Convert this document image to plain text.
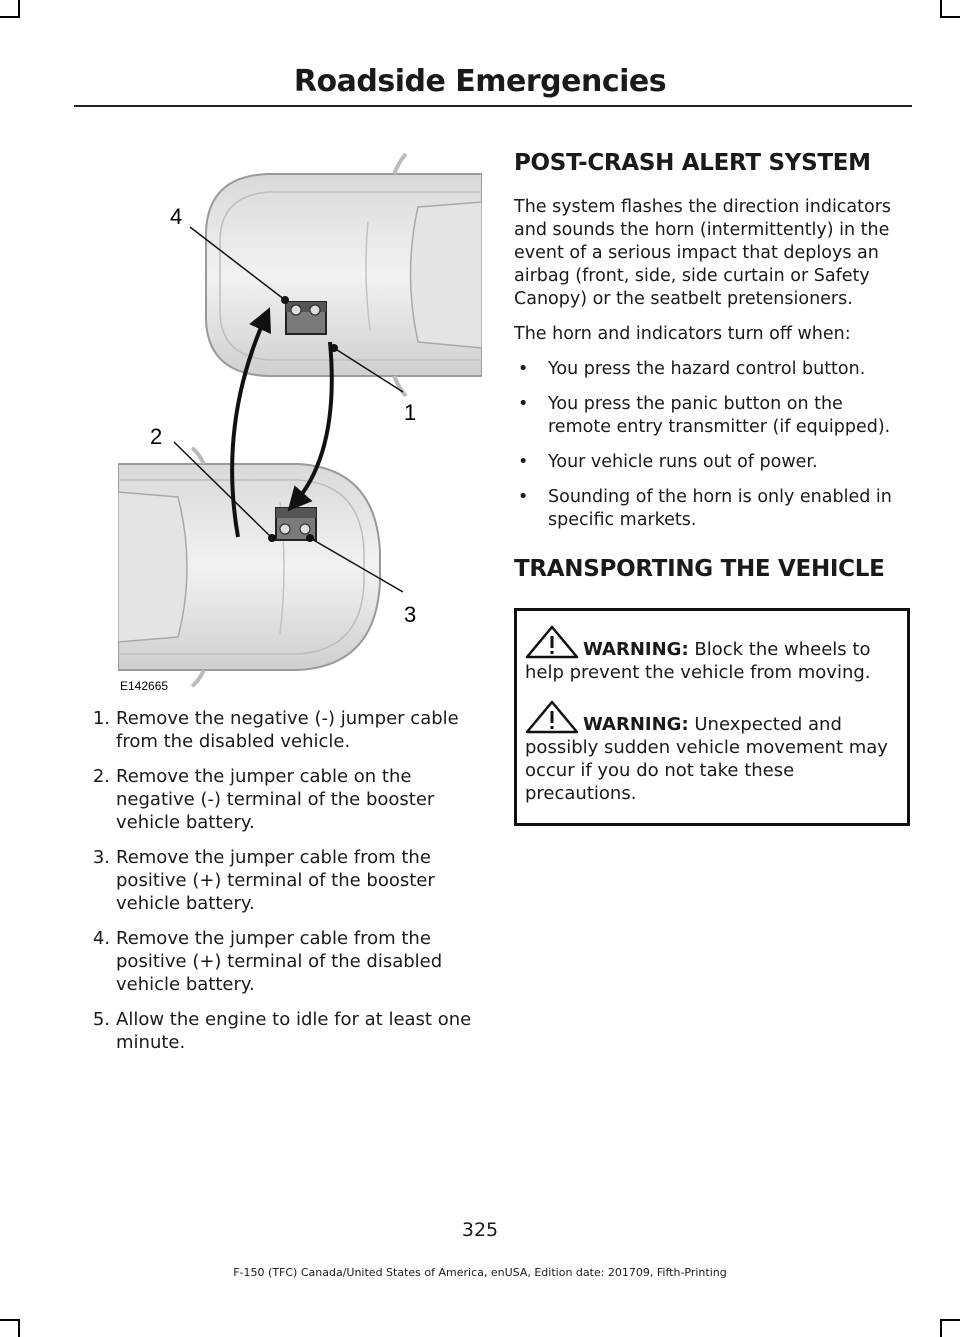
Roadside Emergencies
4
1
2
3
E142665
1. Remove the negative (-) jumper cable from the disabled vehicle.
2. Remove the jumper cable on the negative (-) terminal of the booster vehicle battery.
3. Remove the jumper cable from the positive (+) terminal of the booster vehicle battery.
4. Remove the jumper cable from the positive (+) terminal of the disabled vehicle battery.
5. Allow the engine to idle for at least one minute.
POST-CRASH ALERT SYSTEM

The system flashes the direction indicators and sounds the horn (intermittently) in the event of a serious impact that deploys an airbag (front, side, side curtain or Safety Canopy) or the seatbelt pretensioners.

The horn and indicators turn off when:

• You press the hazard control button.
• You press the panic button on the remote entry transmitter (if equipped).
• Your vehicle runs out of power.
• Sounding of the horn is only enabled in specific markets.
TRANSPORTING THE VEHICLE

WARNING: Block the wheels to help prevent the vehicle from moving.

WARNING: Unexpected and possibly sudden vehicle movement may occur if you do not take these precautions.

325
F-150 (TFC) Canada/United States of America, enUSA, Edition date: 201709, Fifth-Printing
